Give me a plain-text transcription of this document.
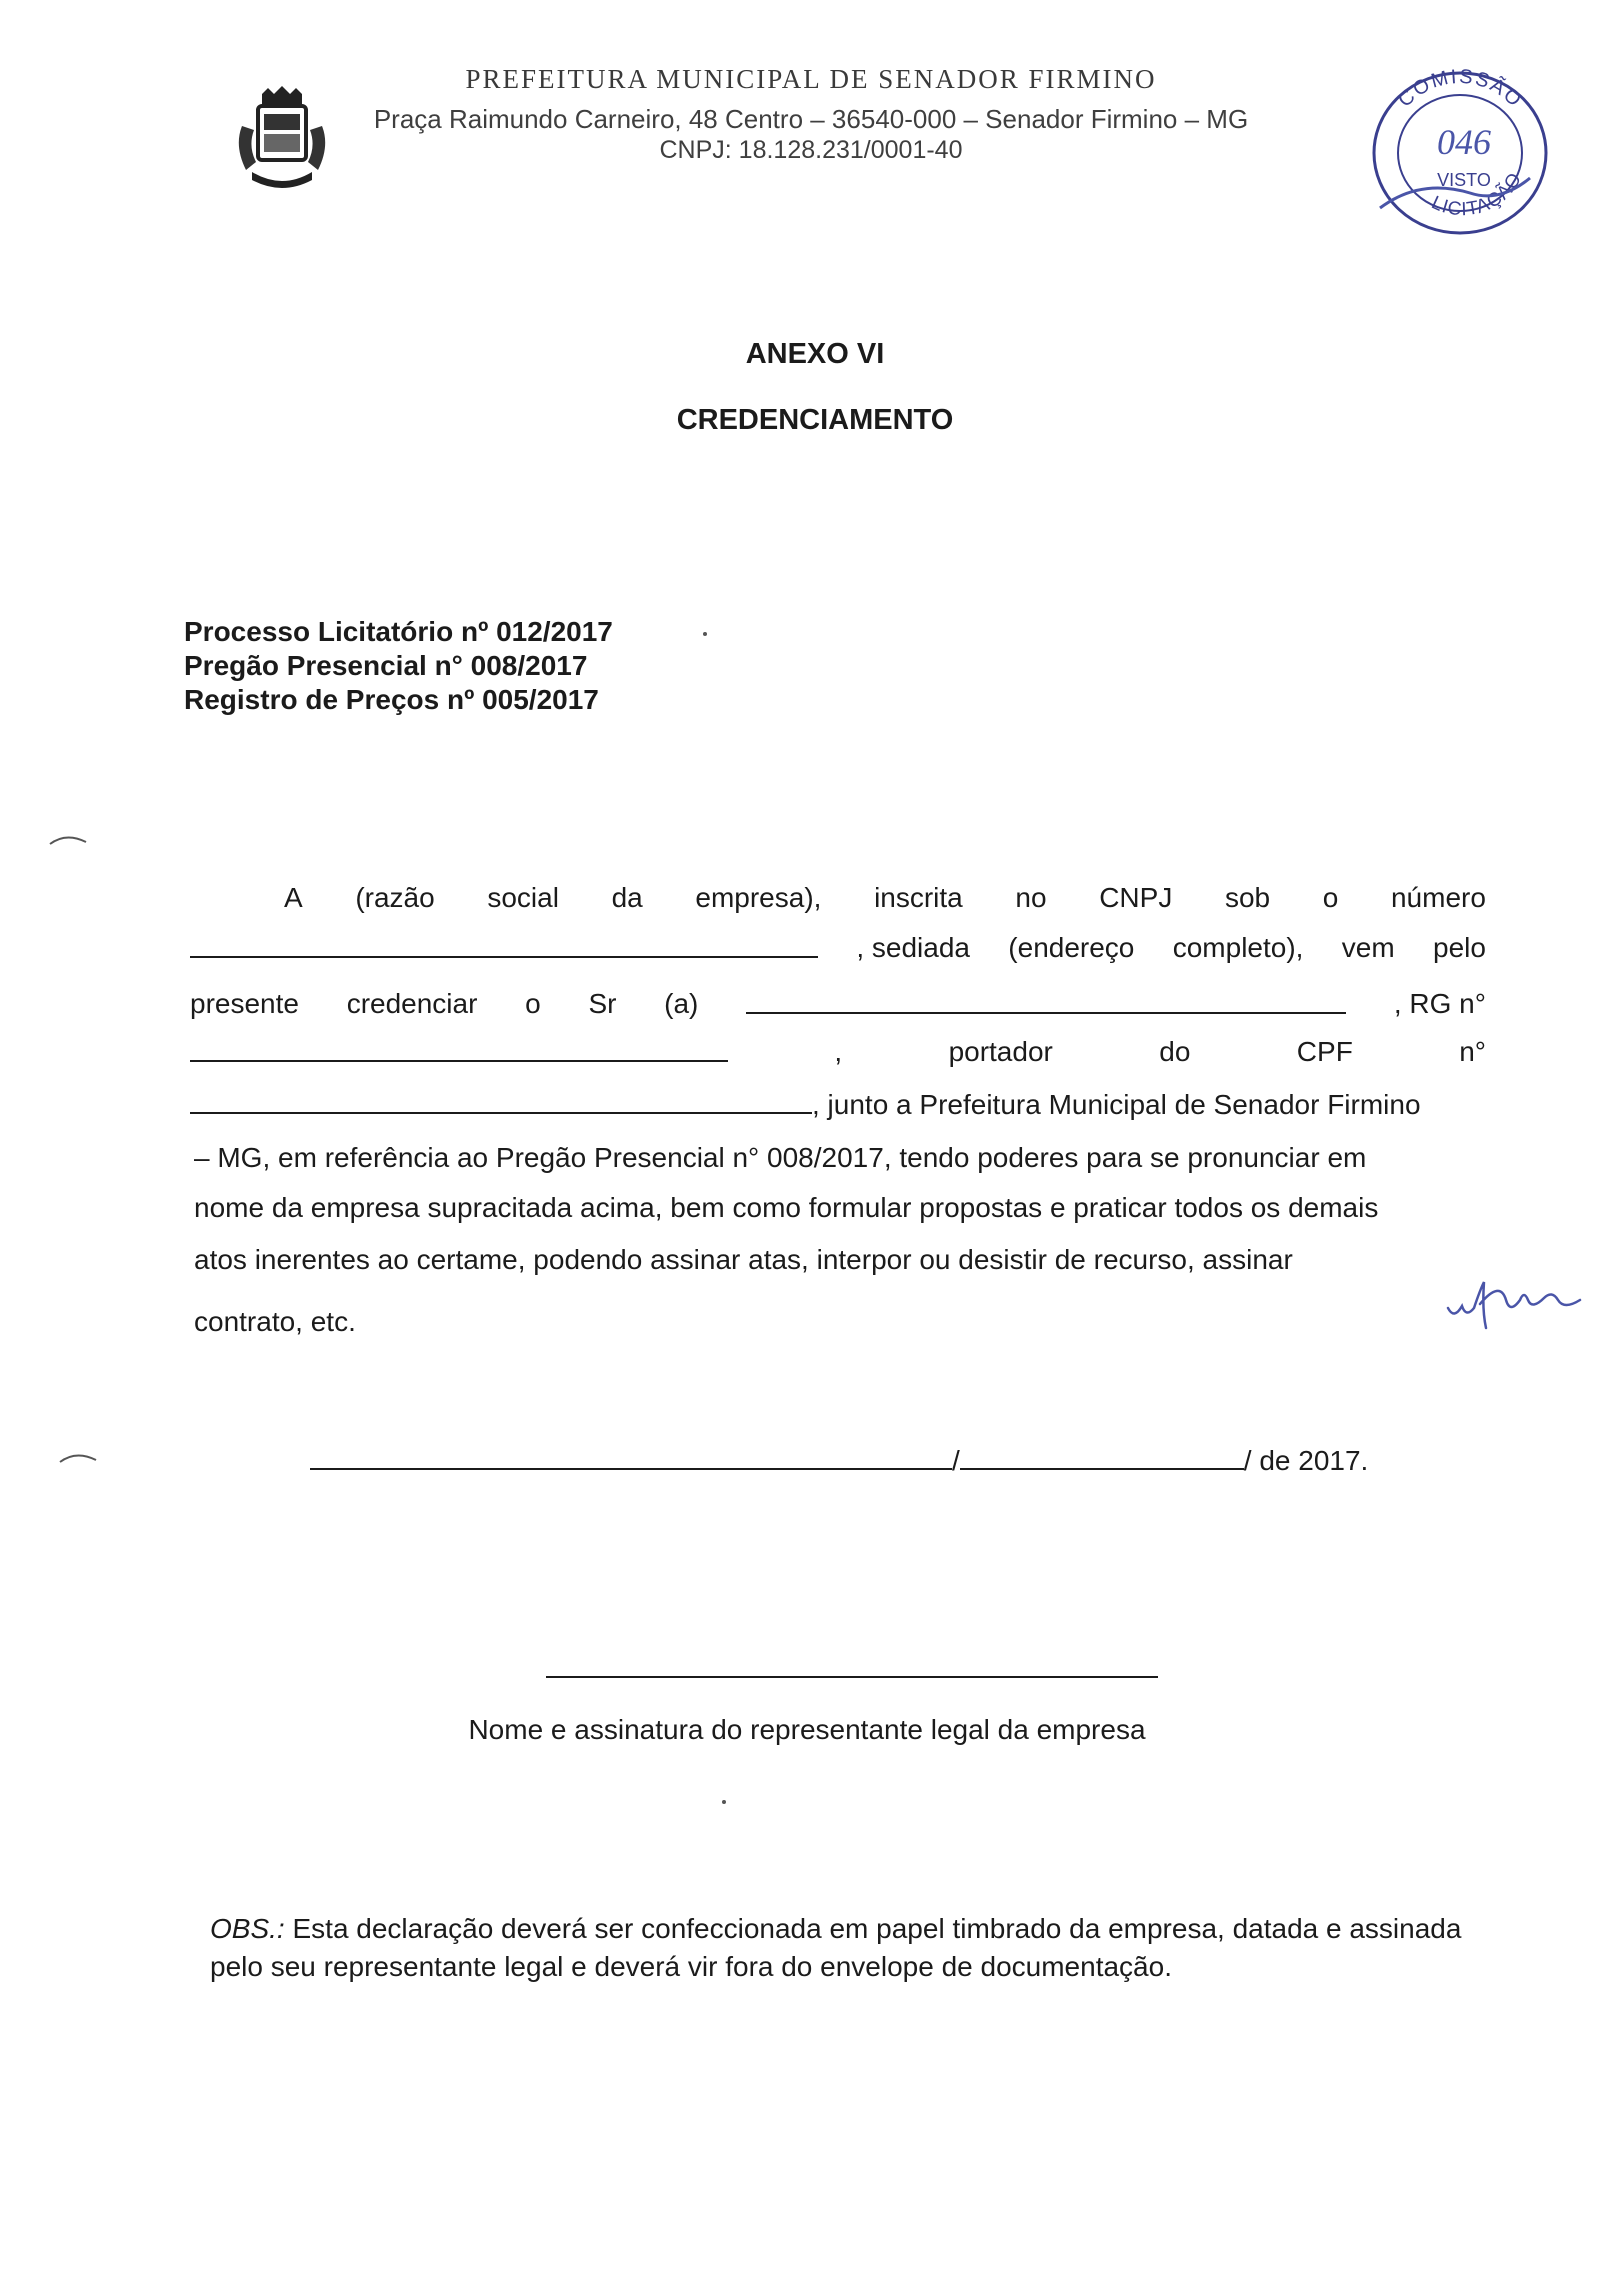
PREFEITURA MUNICIPAL DE SENADOR FIRMINO
Praça Raimundo Carneiro, 48 Centro – 36540-000 – Senador Firmino – MG
CNPJ: 18.128.231/0001-40
COMISSÃO
046
VISTO
LICITAÇÃO
ANEXO VI
CREDENCIAMENTO
Processo Licitatório nº 012/2017
Pregão Presencial n° 008/2017
Registro de Preços nº 005/2017
A (razão social da empresa), inscrita no CNPJ sob o número
, sediada (endereço completo), vem pelo
presente credenciar o Sr (a)	, RG n°
,	portador	do	CPF	n°
, junto a Prefeitura Municipal de Senador Firmino
– MG, em referência ao Pregão Presencial n° 008/2017, tendo poderes para se pronunciar em
nome da empresa supracitada acima, bem como formular propostas e praticar todos os demais
atos inerentes ao certame, podendo assinar atas, interpor ou desistir de recurso, assinar
contrato, etc.
/	/ de 2017.
Nome e assinatura do representante legal da empresa
OBS.: Esta declaração deverá ser confeccionada em papel timbrado da empresa, datada e assinada pelo seu representante legal e deverá vir fora do envelope de documentação.
